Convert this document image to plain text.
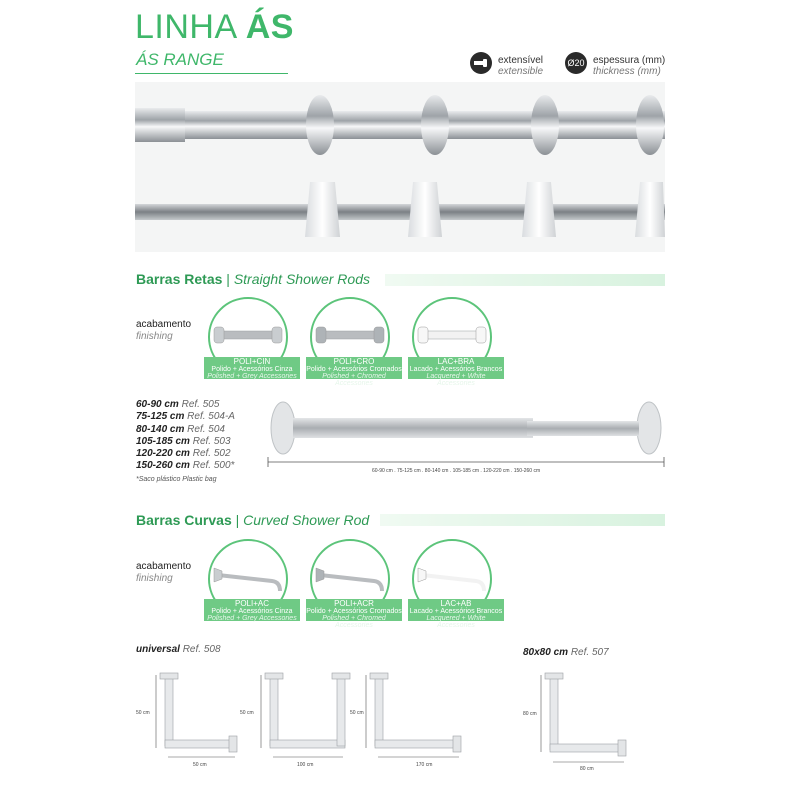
LINHA ÁS
ÁS RANGE	extensível
extensible
Ø20 espessura (mm)
thickness (mm)
Barras Retas | Straight Shower Rods
acabamento
finishing
POLI+CIN
Polido + Acessórios Cinza
Polished + Grey Accessories
POLI+CRO
Polido + Acessórios Cromados
Polished + Chromed Accessories
LAC+BRA
Lacado + Acessórios Brancos
Lacquered + White Accessories
60-90 cm Ref. 505
75-125 cm Ref. 504-A
80-140 cm Ref. 504
105-185 cm Ref. 503
120-220 cm Ref. 502
150-260 cm Ref. 500*
*Saco plástico Plastic bag
60-90 cm . 75-125 cm . 80-140 cm . 105-185 cm . 120-220 cm . 150-260 cm
Barras Curvas | Curved Shower Rod
acabamento
finishing
POLI+AC
Polido + Acessórios Cinza
Polished + Grey Accessories
POLI+ACR
Polido + Acessórios Cromados
Polished + Chromed Accessories
LAC+AB
Lacado + Acessórios Brancos
Lacquered + White Accessories
universal Ref. 508	80x80 cm Ref. 507
50 cm
50 cm
50 cm
100 cm
50 cm
170 cm
80 cm
80 cm
